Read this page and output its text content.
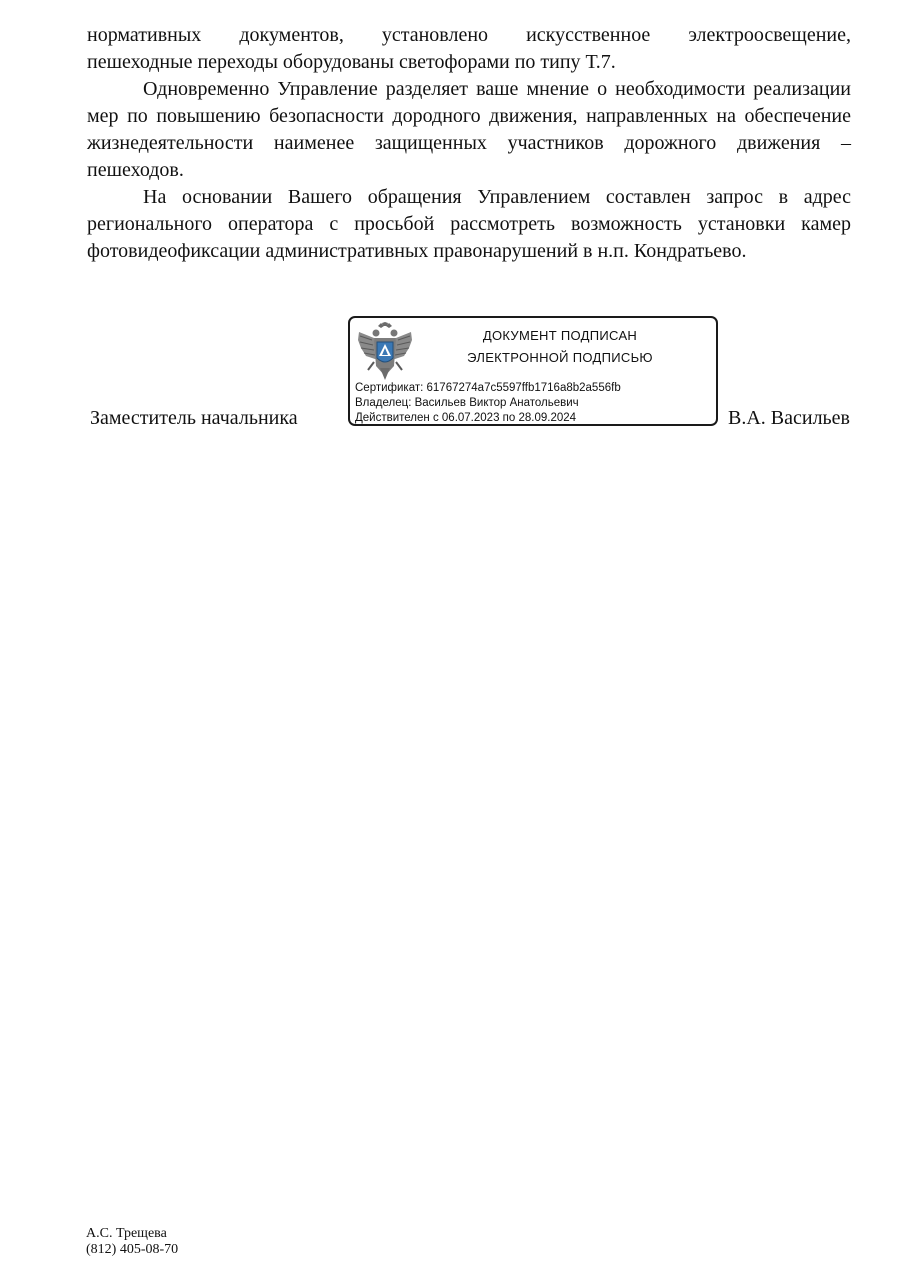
нормативных документов, установлено искусственное электроосвещение,
пешеходные переходы оборудованы светофорами по типу Т.7.

Одновременно Управление разделяет ваше мнение о необходимости реализации мер по повышению безопасности дородного движения, направленных на обеспечение жизнедеятельности наименее защищенных участников дорожного движения – пешеходов.

На основании Вашего обращения Управлением составлен запрос в адрес регионального оператора с просьбой рассмотреть возможность установки камер фотовидеофиксации административных правонарушений в н.п. Кондратьево.

Заместитель начальника
ДОКУМЕНТ ПОДПИСАН
ЭЛЕКТРОННОЙ ПОДПИСЬЮ
Сертификат: 61767274a7c5597ffb1716a8b2a556fb
Владелец: Васильев Виктор Анатольевич
Действителен с 06.07.2023 по 28.09.2024	В.А. Васильев
А.С. Трещева
(812) 405-08-70
